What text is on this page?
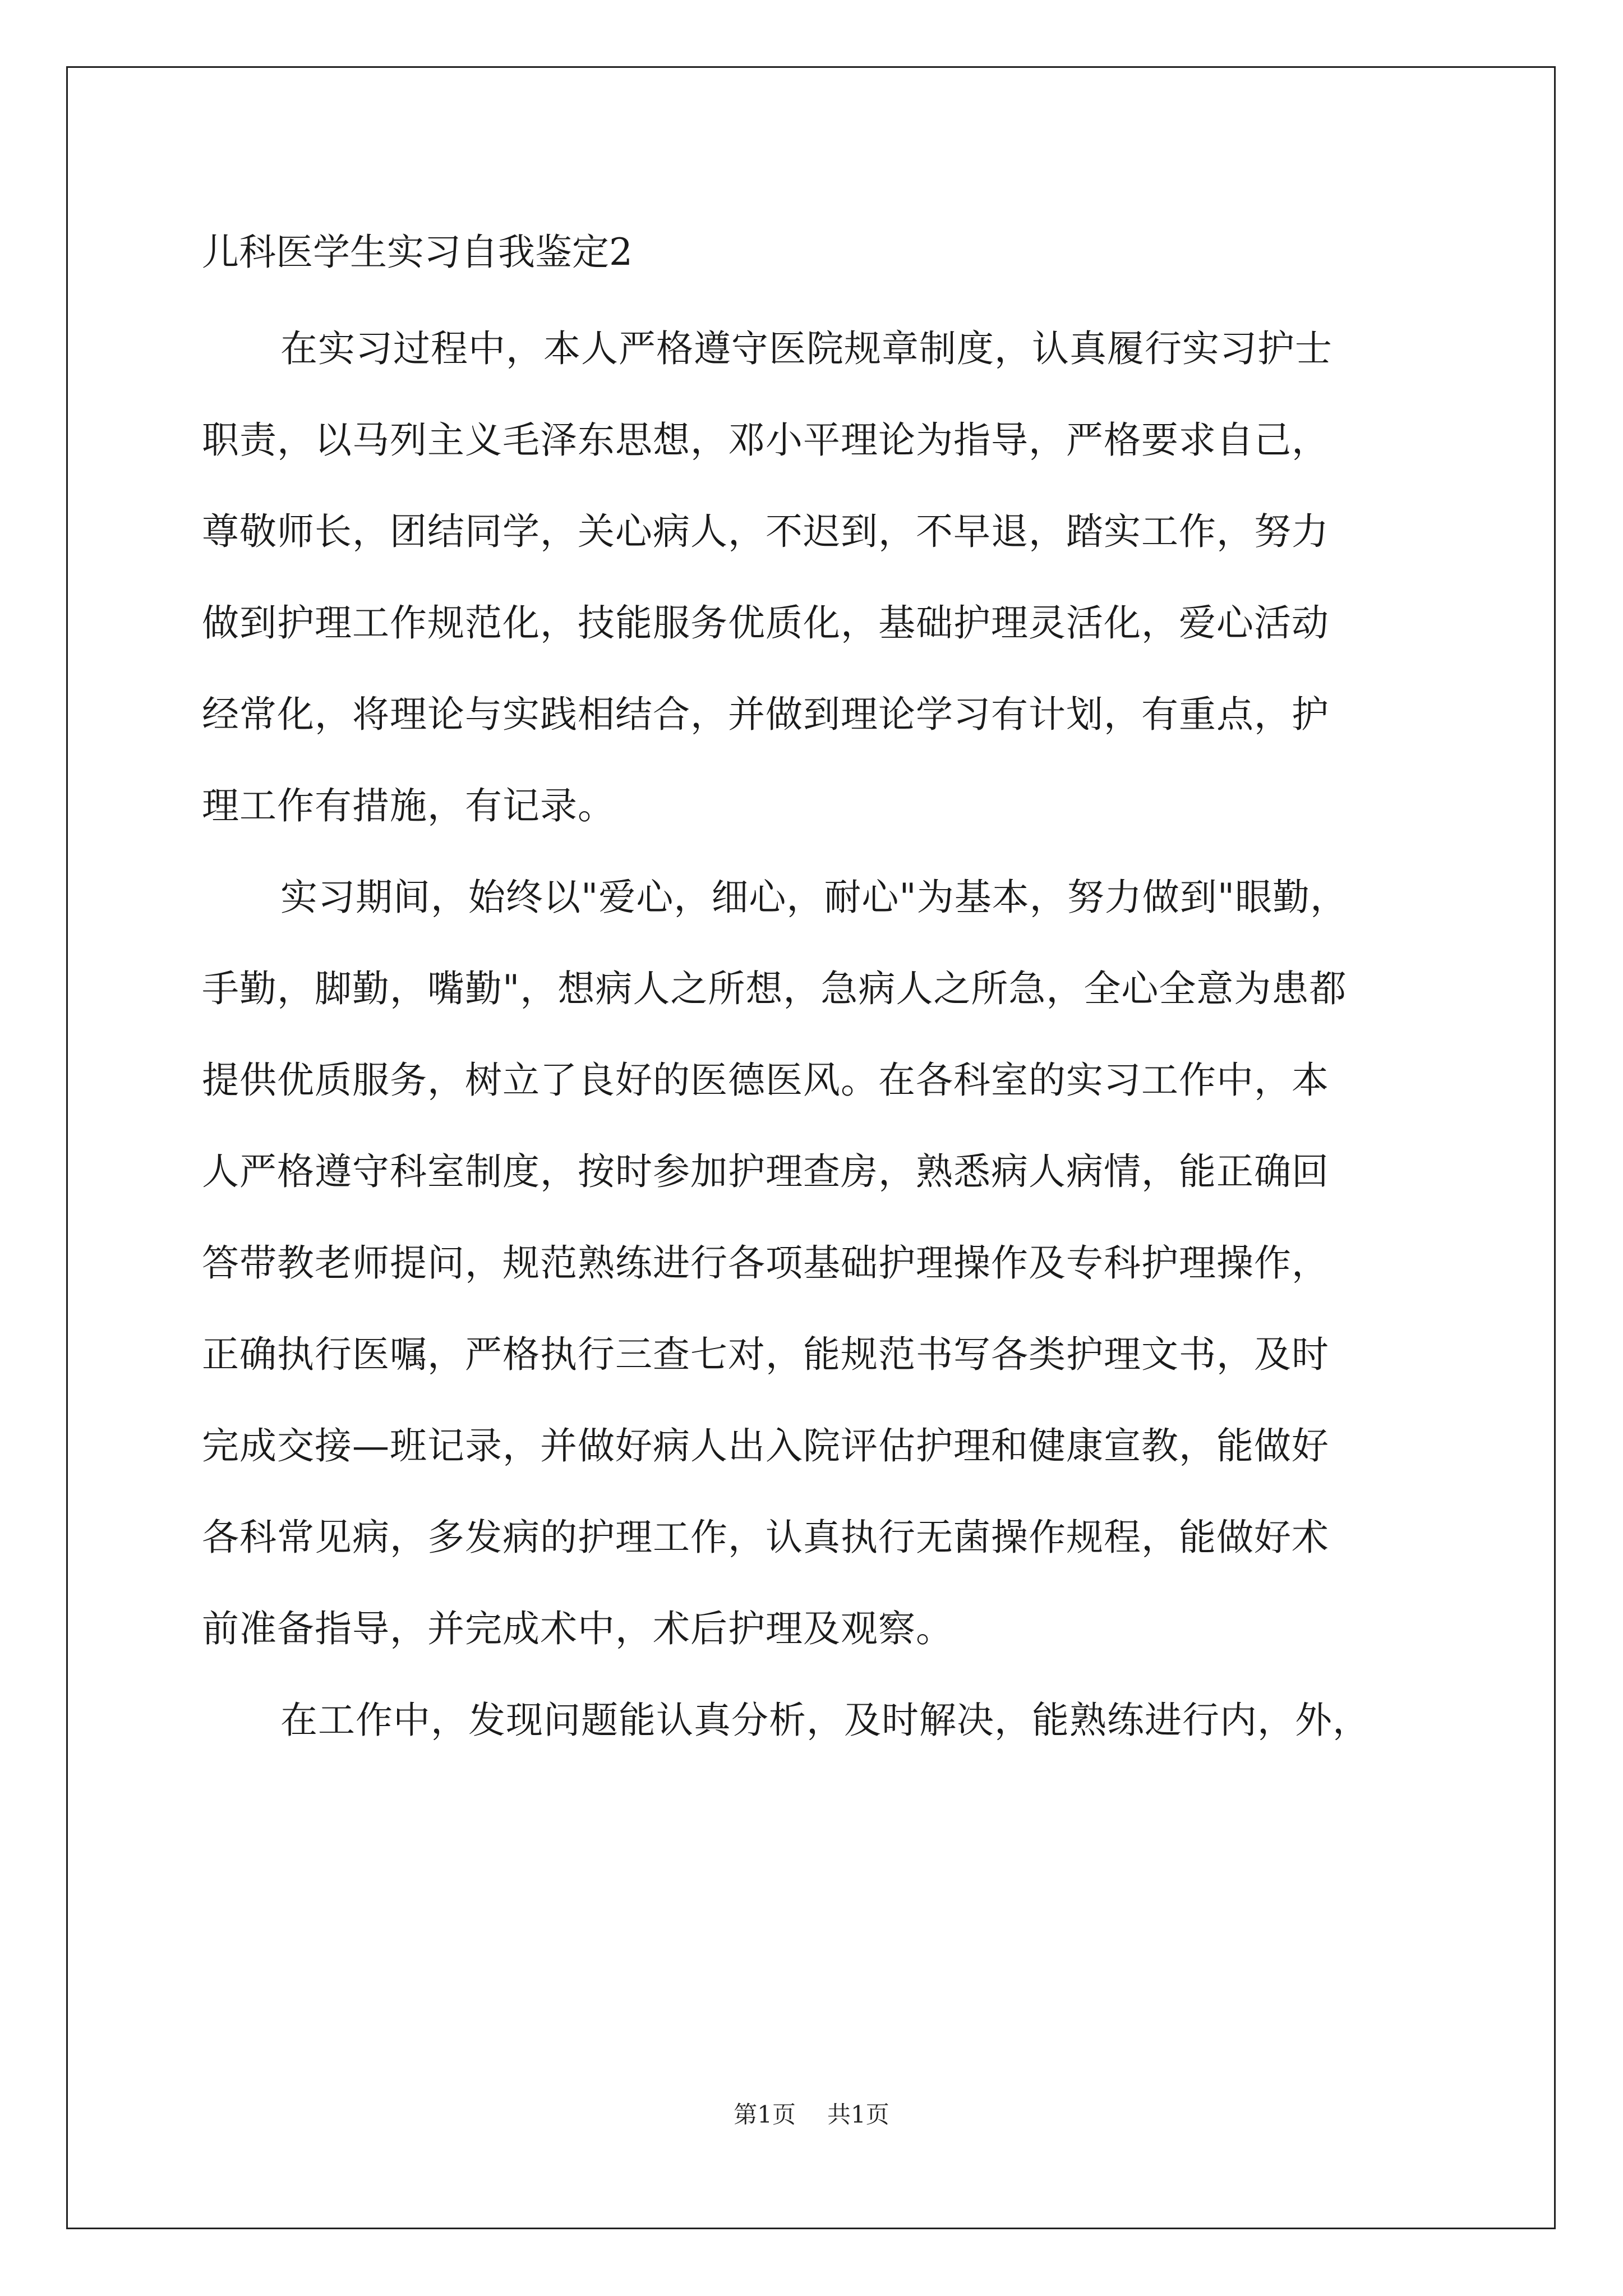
儿科医学生实习自我鉴定2
在实习过程中，本人严格遵守医院规章制度，认真履行实习护士
职责，以马列主义毛泽东思想，邓小平理论为指导，严格要求自己，
尊敬师长，团结同学，关心病人，不迟到，不早退，踏实工作，努力
做到护理工作规范化，技能服务优质化，基础护理灵活化，爱心活动
经常化，将理论与实践相结合，并做到理论学习有计划，有重点，护
理工作有措施，有记录。
实习期间，始终以"爱心，细心，耐心"为基本，努力做到"眼勤，
手勤，脚勤，嘴勤"，想病人之所想，急病人之所急，全心全意为患都
提供优质服务，树立了良好的医德医风。在各科室的实习工作中，本
人严格遵守科室制度，按时参加护理查房，熟悉病人病情，能正确回
答带教老师提问，规范熟练进行各项基础护理操作及专科护理操作，
正确执行医嘱，严格执行三查七对，能规范书写各类护理文书，及时
完成交接—班记录，并做好病人出入院评估护理和健康宣教，能做好
各科常见病，多发病的护理工作，认真执行无菌操作规程，能做好术
前准备指导，并完成术中，术后护理及观察。
在工作中，发现问题能认真分析，及时解决，能熟练进行内，外，
第1页 共1页
